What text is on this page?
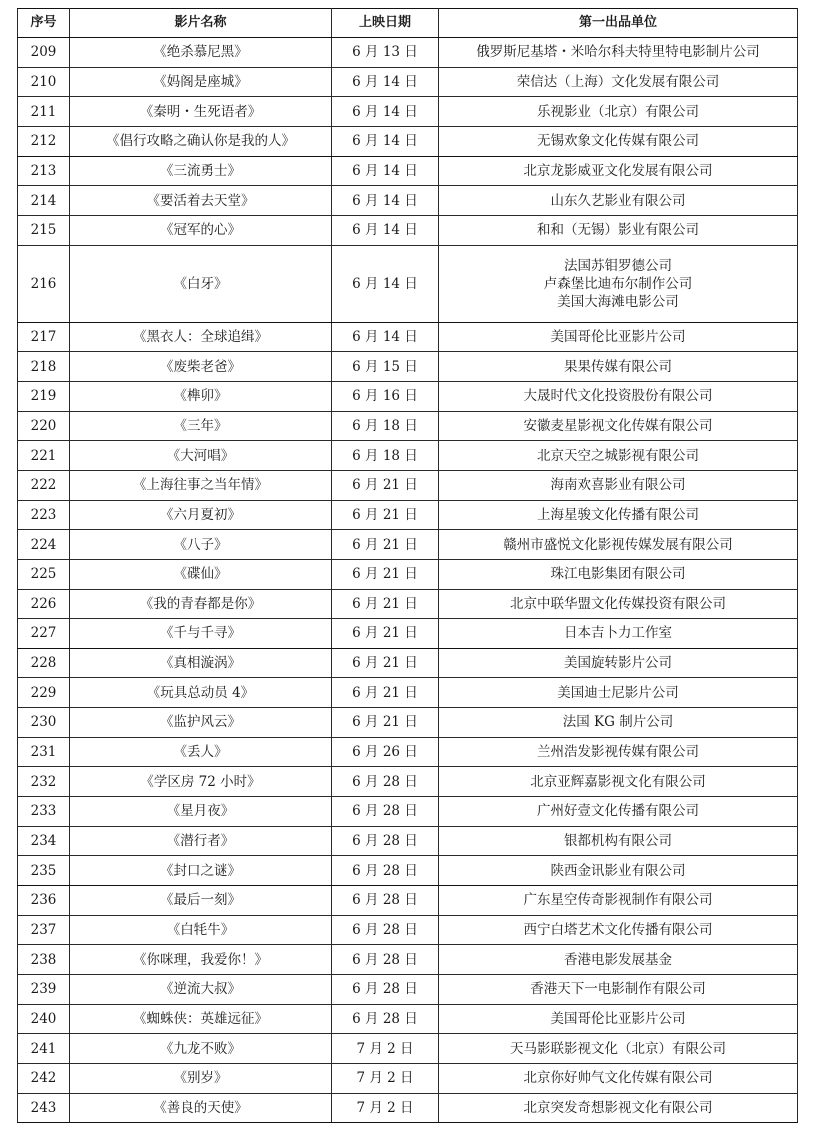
序号	影片名称	上映日期	第一出品单位
209	《绝杀慕尼黑》	6 月 13 日	俄罗斯尼基塔・米哈尔科夫特里特电影制片公司

210	《妈阁是座城》	6 月 14 日	荣信达（上海）文化发展有限公司

211	《秦明・生死语者》	6 月 14 日	乐视影业（北京）有限公司

212	《倡行攻略之确认你是我的人》	6 月 14 日	无锡欢象文化传媒有限公司

213	《三流勇士》	6 月 14 日	北京龙影威亚文化发展有限公司

214	《要活着去天堂》	6 月 14 日	山东久艺影业有限公司

215	《冠军的心》	6 月 14 日	和和（无锡）影业有限公司

216	《白牙》	6 月 14 日	法国苏钼罗德公司
卢森堡比迪布尔制作公司
美国大海滩电影公司

217	《黑衣人：全球追缉》	6 月 14 日	美国哥伦比亚影片公司

218	《废柴老爸》	6 月 15 日	果果传媒有限公司

219	《榫卯》	6 月 16 日	大晟时代文化投资股份有限公司

220	《三年》	6 月 18 日	安徽麦星影视文化传媒有限公司

221	《大河唱》	6 月 18 日	北京天空之城影视有限公司

222	《上海往事之当年情》	6 月 21 日	海南欢喜影业有限公司

223	《六月夏初》	6 月 21 日	上海星骏文化传播有限公司

224	《八子》	6 月 21 日	赣州市盛悦文化影视传媒发展有限公司

225	《碟仙》	6 月 21 日	珠江电影集团有限公司

226	《我的青春都是你》	6 月 21 日	北京中联华盟文化传媒投资有限公司

227	《千与千寻》	6 月 21 日	日本吉卜力工作室

228	《真相漩涡》	6 月 21 日	美国旋转影片公司

229	《玩具总动员 4》	6 月 21 日	美国迪士尼影片公司

230	《监护风云》	6 月 21 日	法国 KG 制片公司

231	《丢人》	6 月 26 日	兰州浩发影视传媒有限公司

232	《学区房 72 小时》	6 月 28 日	北京亚辉嘉影视文化有限公司

233	《星月夜》	6 月 28 日	广州好壹文化传播有限公司

234	《潜行者》	6 月 28 日	银都机构有限公司

235	《封口之谜》	6 月 28 日	陕西金讯影业有限公司

236	《最后一刻》	6 月 28 日	广东星空传奇影视制作有限公司

237	《白牦牛》	6 月 28 日	西宁白塔艺术文化传播有限公司

238	《你咪理，我爱你！》	6 月 28 日	香港电影发展基金

239	《逆流大叔》	6 月 28 日	香港天下一电影制作有限公司

240	《蜘蛛侠：英雄远征》	6 月 28 日	美国哥伦比亚影片公司

241	《九龙不败》	7 月 2 日	天马影联影视文化（北京）有限公司

242	《别岁》	7 月 2 日	北京你好帅气文化传媒有限公司

243	《善良的天使》	7 月 2 日	北京突发奇想影视文化有限公司
